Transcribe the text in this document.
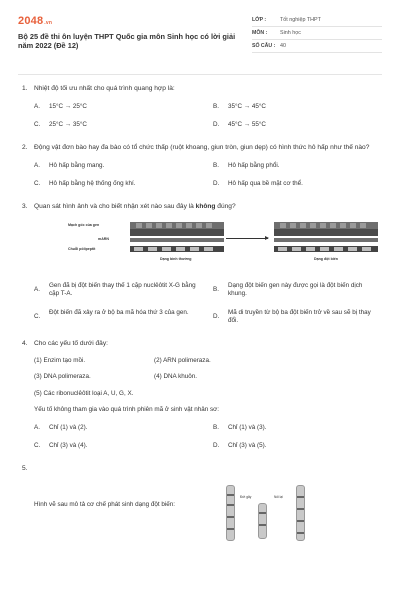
2048 .vn
Bộ 25 đề thi ôn luyện THPT Quốc gia môn Sinh học có lời giải năm 2022 (Đề 12)
LỚP :	Tốt nghiệp THPT
MÔN :	Sinh học
SỐ CÂU : 40
1. Nhiệt độ tối ưu nhất cho quá trình quang hợp là:
A.	15°C → 25°C	B.	35°C → 45°C
C.	25°C → 35°C	D.	45°C → 55°C
2. Động vật đơn bào hay đa bào có tổ chức thấp (ruột khoang, giun tròn, giun dẹp) có hình thức hô hấp như thế nào?
A.	Hô hấp bằng mang.	B.	Hô hấp bằng phổi.
C.	Hô hấp bằng hệ thống ống khí.	D.	Hô hấp qua bề mặt cơ thể.
3. Quan sát hình ảnh và cho biết nhận xét nào sau đây là không đúng?
Mạch gốc của gen
mARN
Chuỗi pôlipeptit
Dạng bình thường	Dạng đột biến
A.
Gen đã bị đột biến thay thế 1 cặp nuclêôtit X-G bằng cặp T-A.
B.
Dạng đột biến gen này được gọi là đột biến dịch khung.
C.
Đột biến đã xảy ra ở bộ ba mã hóa thứ 3 của gen.
D.
Mã di truyền từ bộ ba đột biến trở về sau sẽ bị thay đổi.
4. Cho các yếu tố dưới đây:
(1) Enzim tạo mồi.	(2) ARN polimeraza.
(3) DNA polimeraza.	(4) DNA khuôn.
(5) Các ribonuclêôtit loại A, U, G, X.
Yếu tố không tham gia vào quá trình phiên mã ở sinh vật nhân sơ:
A.	Chỉ (1) và (2).	B.	Chỉ (1) và (3).
C.	Chỉ (3) và (4).	D.	Chỉ (3) và (5).
5.
Hình vẽ sau mô tả cơ chế phát sinh dạng đột biến:
Đứt gãy	Nối lại
